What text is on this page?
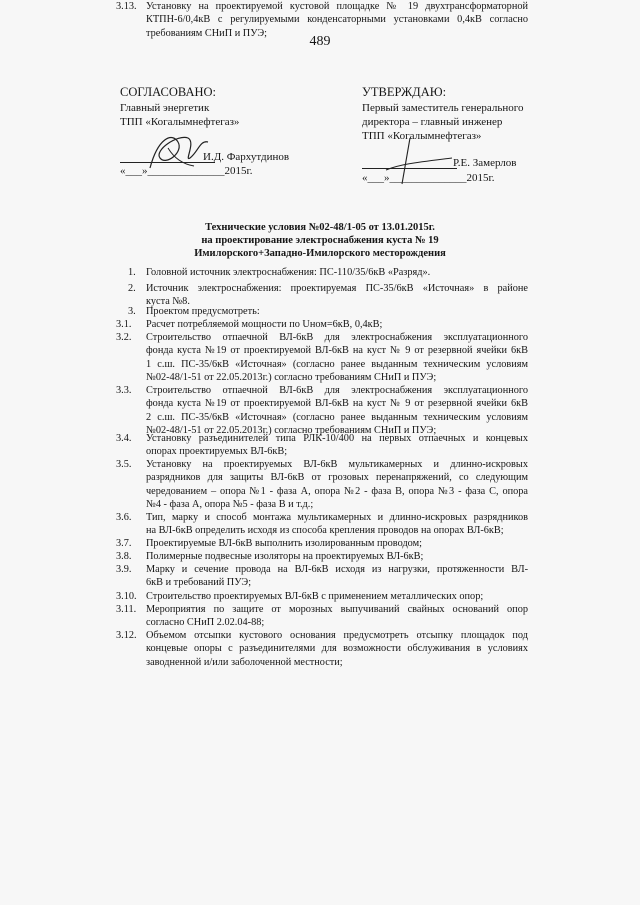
489
СОГЛАСОВАНО:
Главный энергетик
ТПП «Когалымнефтегаз»
И.Д. Фархутдинов
«___»______________2015г.
УТВЕРЖДАЮ:
Первый заместитель генерального
директора – главный инженер
ТПП «Когалымнефтегаз»
Р.Е. Замерлов
«___»______________2015г.
Технические условия №02-48/1-05 от 13.01.2015г.
на проектирование электроснабжения куста № 19
Имилорского+Западно-Имилорского месторождения
1. Головной источник электроснабжения: ПС-110/35/6кВ «Разряд».
2. Источник электроснабжения: проектируемая ПС-35/6кВ «Источная» в районе
куста №8.
3. Проектом предусмотреть:
3.1. Расчет потребляемой мощности по Uном=6кВ, 0,4кВ;
3.2. Строительство отпаечной ВЛ-6кВ для электроснабжения эксплуатационного
фонда куста №19 от проектируемой ВЛ-6кВ на куст № 9 от резервной ячейки 6кВ
1 с.ш. ПС-35/6кВ «Источная» (согласно ранее выданным техническим условиям
№02-48/1-51 от 22.05.2013г.) согласно требованиям СНиП и ПУЭ;
3.3. Строительство отпаечной ВЛ-6кВ для электроснабжения эксплуатационного
фонда куста №19 от проектируемой ВЛ-6кВ на куст № 9 от резервной ячейки 6кВ
2 с.ш. ПС-35/6кВ «Источная» (согласно ранее выданным техническим условиям
№02-48/1-51 от 22.05.2013г.) согласно требованиям СНиП и ПУЭ;
3.4. Установку разъединителей типа РЛК-10/400 на первых отпаечных и концевых
опорах проектируемых ВЛ-6кВ;
3.5. Установку на проектируемых ВЛ-6кВ мультикамерных и длинно-искровых
разрядников для защиты ВЛ-6кВ от грозовых перенапряжений, со следующим
чередованием – опора №1 - фаза А, опора №2 - фаза В, опора №3 - фаза С, опора
№4 - фаза А, опора №5 - фаза В и т.д.;
3.6. Тип, марку и способ монтажа мультикамерных и длинно-искровых разрядников
на ВЛ-6кВ определить исходя из способа крепления проводов на опорах ВЛ-6кВ;
3.7. Проектируемые ВЛ-6кВ выполнить изолированным проводом;
3.8. Полимерные подвесные изоляторы на проектируемых ВЛ-6кВ;
3.9. Марку и сечение провода на ВЛ-6кВ исходя из нагрузки, протяженности ВЛ-
6кВ и требований ПУЭ;
3.10. Строительство проектируемых ВЛ-6кВ с применением металлических опор;
3.11. Мероприятия по защите от морозных выпучиваний свайных оснований опор
согласно СНиП 2.02.04-88;
3.12. Объемом отсыпки кустового основания предусмотреть отсыпку площадок под
концевые опоры с разъединителями для возможности обслуживания в условиях
заводненной и/или заболоченной местности;
3.13. Установку на проектируемой кустовой площадке № 19 двухтрансформаторной
КТПН-6/0,4кВ с регулируемыми конденсаторными установками 0,4кВ согласно
требованиям СНиП и ПУЭ;
